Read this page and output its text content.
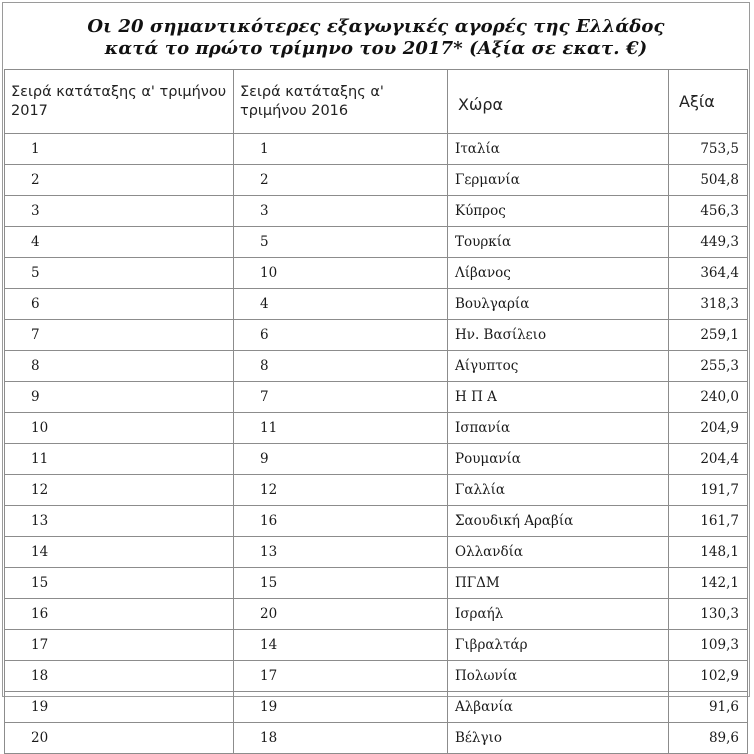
Οι 20 σημαντικότερες εξαγωγικές αγορές της Ελλάδος
κατά το πρώτο τρίμηνο του 2017* (Αξία σε εκατ. €)
Σειρά κατάταξης α' τριμήνου 2017	Σειρά κατάταξης α' τριμήνου 2016	Χώρα	Αξία
1	1	Ιταλία	753,5
2	2	Γερμανία	504,8
3	3	Κύπρος	456,3
4	5	Τουρκία	449,3
5	10	Λίβανος	364,4
6	4	Βουλγαρία	318,3
7	6	Ην. Βασίλειο	259,1
8	8	Αίγυπτος	255,3
9	7	Η Π Α	240,0
10	11	Ισπανία	204,9
11	9	Ρουμανία	204,4
12	12	Γαλλία	191,7
13	16	Σαουδική Αραβία	161,7
14	13	Ολλανδία	148,1
15	15	ΠΓΔΜ	142,1
16	20	Ισραήλ	130,3
17	14	Γιβραλτάρ	109,3
18	17	Πολωνία	102,9
19	19	Αλβανία	91,6
20	18	Βέλγιο	89,6
